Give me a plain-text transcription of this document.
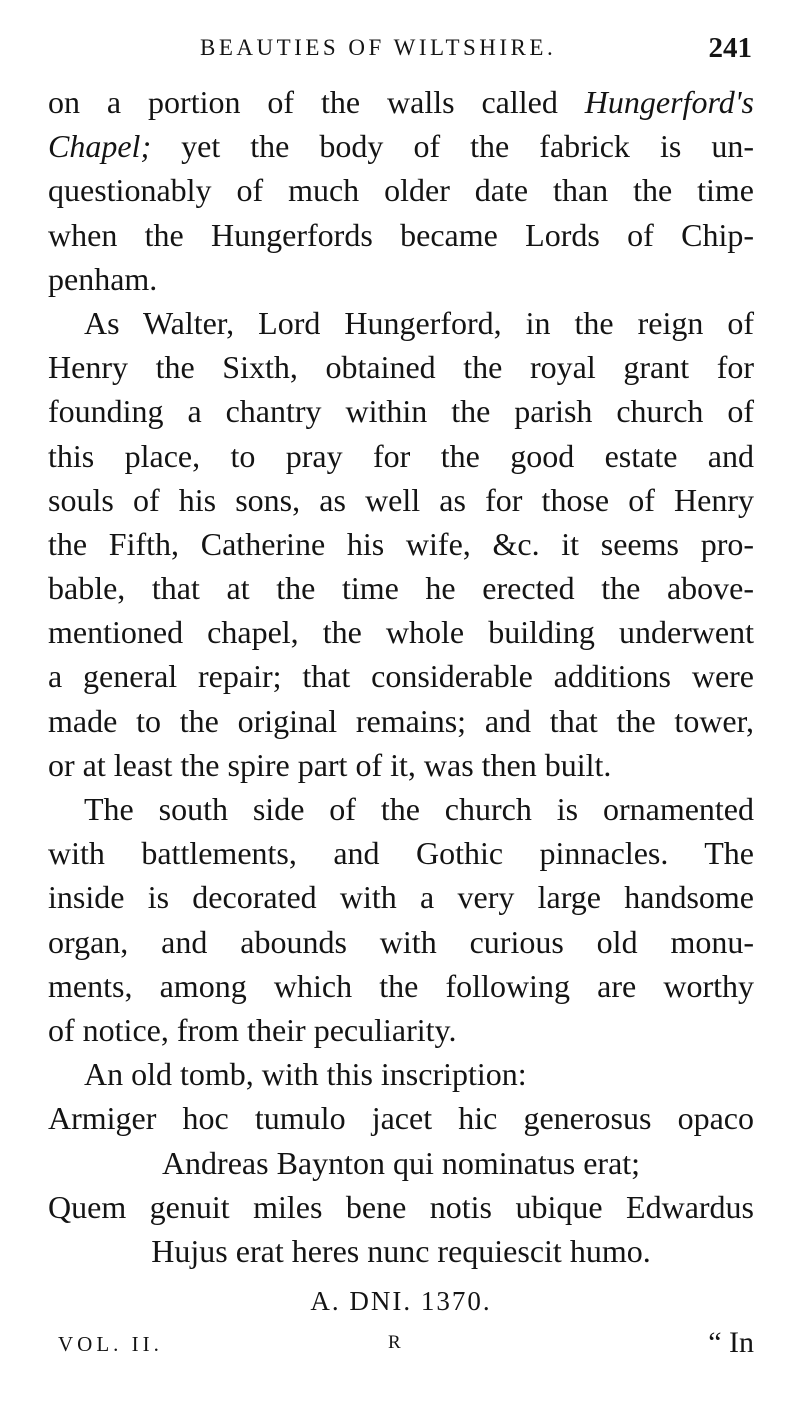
BEAUTIES OF WILTSHIRE.	241
on a portion of the walls called Hungerford's
Chapel; yet the body of the fabrick is un-
questionably of much older date than the time
when the Hungerfords became Lords of Chip-
penham.
As Walter, Lord Hungerford, in the reign of
Henry the Sixth, obtained the royal grant for
founding a chantry within the parish church of
this place, to pray for the good estate and
souls of his sons, as well as for those of Henry
the Fifth, Catherine his wife, &c. it seems pro-
bable, that at the time he erected the above-
mentioned chapel, the whole building underwent
a general repair; that considerable additions were
made to the original remains; and that the tower,
or at least the spire part of it, was then built.
The south side of the church is ornamented
with battlements, and Gothic pinnacles. The
inside is decorated with a very large handsome
organ, and abounds with curious old monu-
ments, among which the following are worthy
of notice, from their peculiarity.
An old tomb, with this inscription:
Armiger hoc tumulo jacet hic generosus opaco
Andreas Baynton qui nominatus erat;
Quem genuit miles bene notis ubique Edwardus
Hujus erat heres nunc requiescit humo.
A. DNI. 1370.
VOL. II.	R	“ In
